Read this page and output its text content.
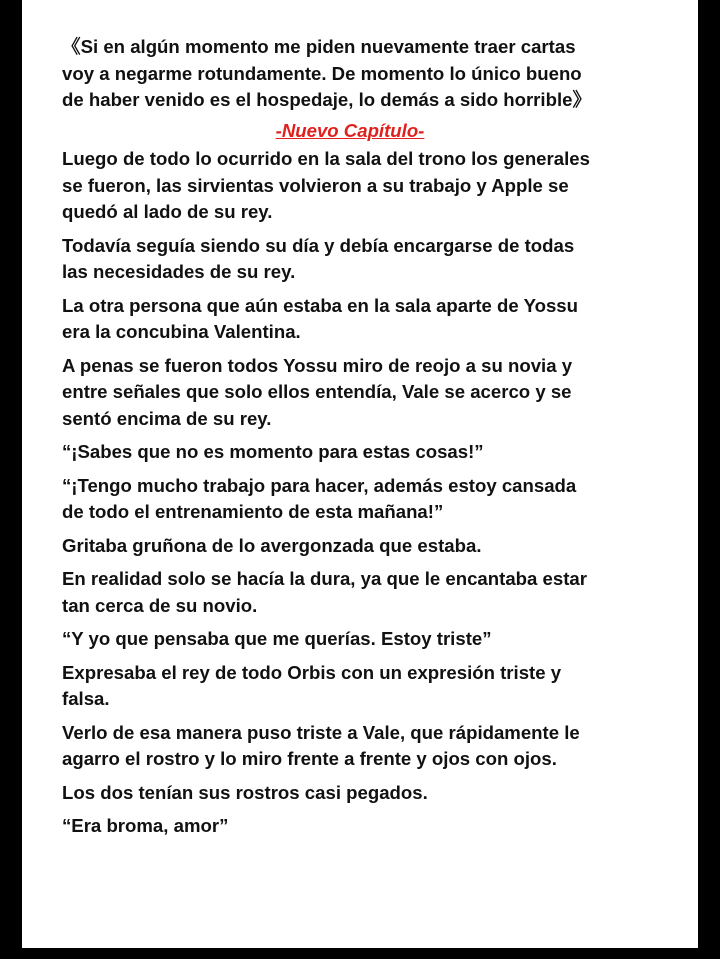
《Si en algún momento me piden nuevamente traer cartas
voy a negarme rotundamente. De momento lo único bueno
de haber venido es el hospedaje, lo demás a sido horrible》

-Nuevo Capítulo-

Luego de todo lo ocurrido en la sala del trono los generales
se fueron, las sirvientas volvieron a su trabajo y Apple se
quedó al lado de su rey.

Todavía seguía siendo su día y debía encargarse de todas
las necesidades de su rey.

La otra persona que aún estaba en la sala aparte de Yossu
era la concubina Valentina.

A penas se fueron todos Yossu miro de reojo a su novia y
entre señales que solo ellos entendía, Vale se acerco y se
sentó encima de su rey.

“¡Sabes que no es momento para estas cosas!”

“¡Tengo mucho trabajo para hacer, además estoy cansada
de todo el entrenamiento de esta mañana!”

Gritaba gruñona de lo avergonzada que estaba.

En realidad solo se hacía la dura, ya que le encantaba estar
tan cerca de su novio.

“Y yo que pensaba que me querías. Estoy triste”

Expresaba el rey de todo Orbis con un expresión triste y
falsa.

Verlo de esa manera puso triste a Vale, que rápidamente le
agarro el rostro y lo miro frente a frente y ojos con ojos.

Los dos tenían sus rostros casi pegados.

“Era broma, amor”
